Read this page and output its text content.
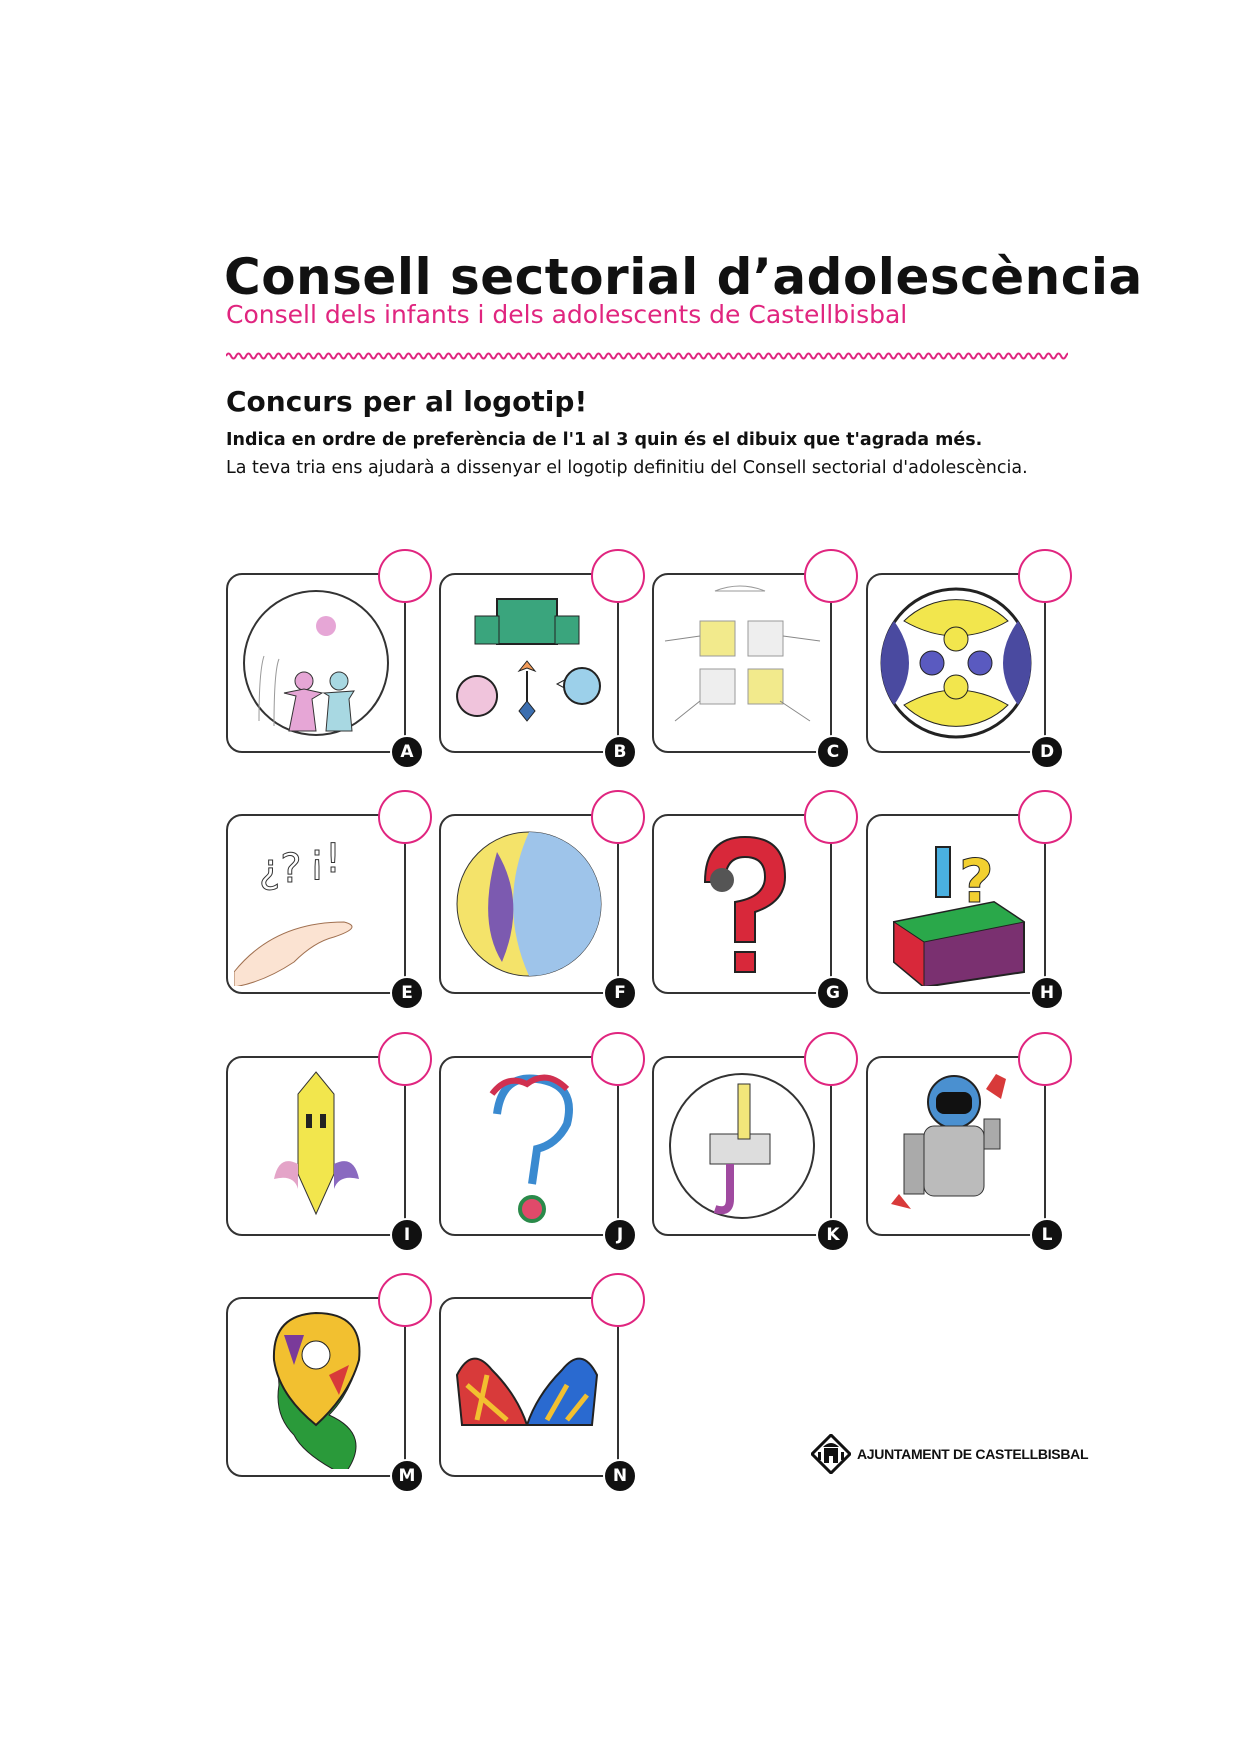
Consell sectorial d’adolescència
Consell dels infants i dels adolescents de Castellbisbal
Concurs per al logotip!
Indica en ordre de preferència de l'1 al 3 quin és el dibuix que t'agrada més.
La teva tria ens ajudarà a dissenyar el logotip definitiu del Consell sectorial d'adolescència.
A	B	C	D
¿? ¡!
E	F	G
?
H
I	J	K	L
M	N
AJUNTAMENT DE CASTELLBISBAL
